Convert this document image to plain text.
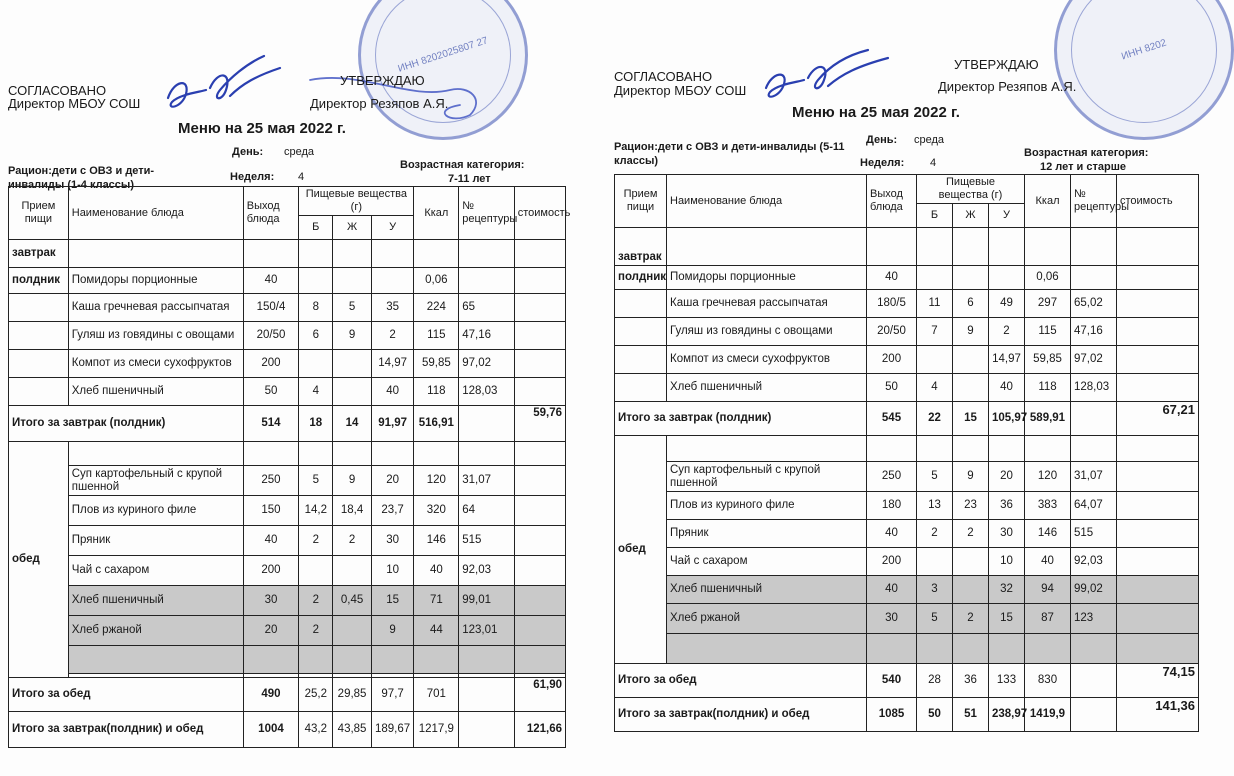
ИНН 8202025807 27
СОГЛАСОВАНО
Директор МБОУ СОШ
УТВЕРЖДАЮ
Директор Резяпов А.Я.
Меню на 25 мая 2022 г.
День: среда
Рацион:дети с ОВЗ и дети-инвалиды (1-4 классы)
Неделя: 4
Возрастная категория:
7-11 лет
Прием пищи	Наименование блюда	Выход блюда	Пищевые вещества (г)			Ккал	№ рецептуры	стоимость
			Б	Ж	У			
завтрак								
полдник	Помидоры порционные	40				0,06		
	Каша гречневая рассыпчатая	150/4	8	5	35	224	65	
	Гуляш из говядины с овощами	20/50	6	9	2	115	47,16	
	Компот из смеси сухофруктов	200			14,97	59,85	97,02	
	Хлеб пшеничный	50	4		40	118	128,03	
Итого за завтрак (полдник)		514	18	14	91,97	516,91		59,76
обед								
	Суп картофельный с крупой пшенной	250	5	9	20	120	31,07	
	Плов из куриного филе	150	14,2	18,4	23,7	320	64	
	Пряник	40	2	2	30	146	515	
	Чай с сахаром	200			10	40	92,03	
	Хлеб пшеничный	30	2	0,45	15	71	99,01	
	Хлеб ржаной	20	2		9	44	123,01	

Итого за обед		490	25,2	29,85	97,7	701		61,90
Итого за завтрак(полдник) и обед		1004	43,2	43,85	189,67	1217,9		121,66
ИНН 8202
СОГЛАСОВАНО
Директор МБОУ СОШ
УТВЕРЖДАЮ
Директор Резяпов А.Я.
Меню на 25 мая 2022 г.
День: среда
Рацион:дети с ОВЗ и дети-инвалиды (5-11 классы)	Неделя: 4
Возрастная категория:
12 лет и старше
Прием пищи	Наименование блюда	Выход блюда	Пищевые вещества (г)			Ккал	№ рецептуры	стоимость
			Б	Ж	У			
завтрак								
полдник	Помидоры порционные	40				0,06		
	Каша гречневая рассыпчатая	180/5	11	6	49	297	65,02	
	Гуляш из говядины с овощами	20/50	7	9	2	115	47,16	
	Компот из смеси сухофруктов	200			14,97	59,85	97,02	
	Хлеб пшеничный	50	4		40	118	128,03	
Итого за завтрак (полдник)		545	22	15	105,97	589,91		67,21
обед								
	Суп картофельный с крупой пшенной	250	5	9	20	120	31,07	
	Плов из куриного филе	180	13	23	36	383	64,07	
	Пряник	40	2	2	30	146	515	
	Чай с сахаром	200			10	40	92,03	
	Хлеб пшеничный	40	3		32	94	99,02	
	Хлеб ржаной	30	5	2	15	87	123	

Итого за обед		540	28	36	133	830		74,15
Итого за завтрак(полдник) и обед		1085	50	51	238,97	1419,9		141,36
